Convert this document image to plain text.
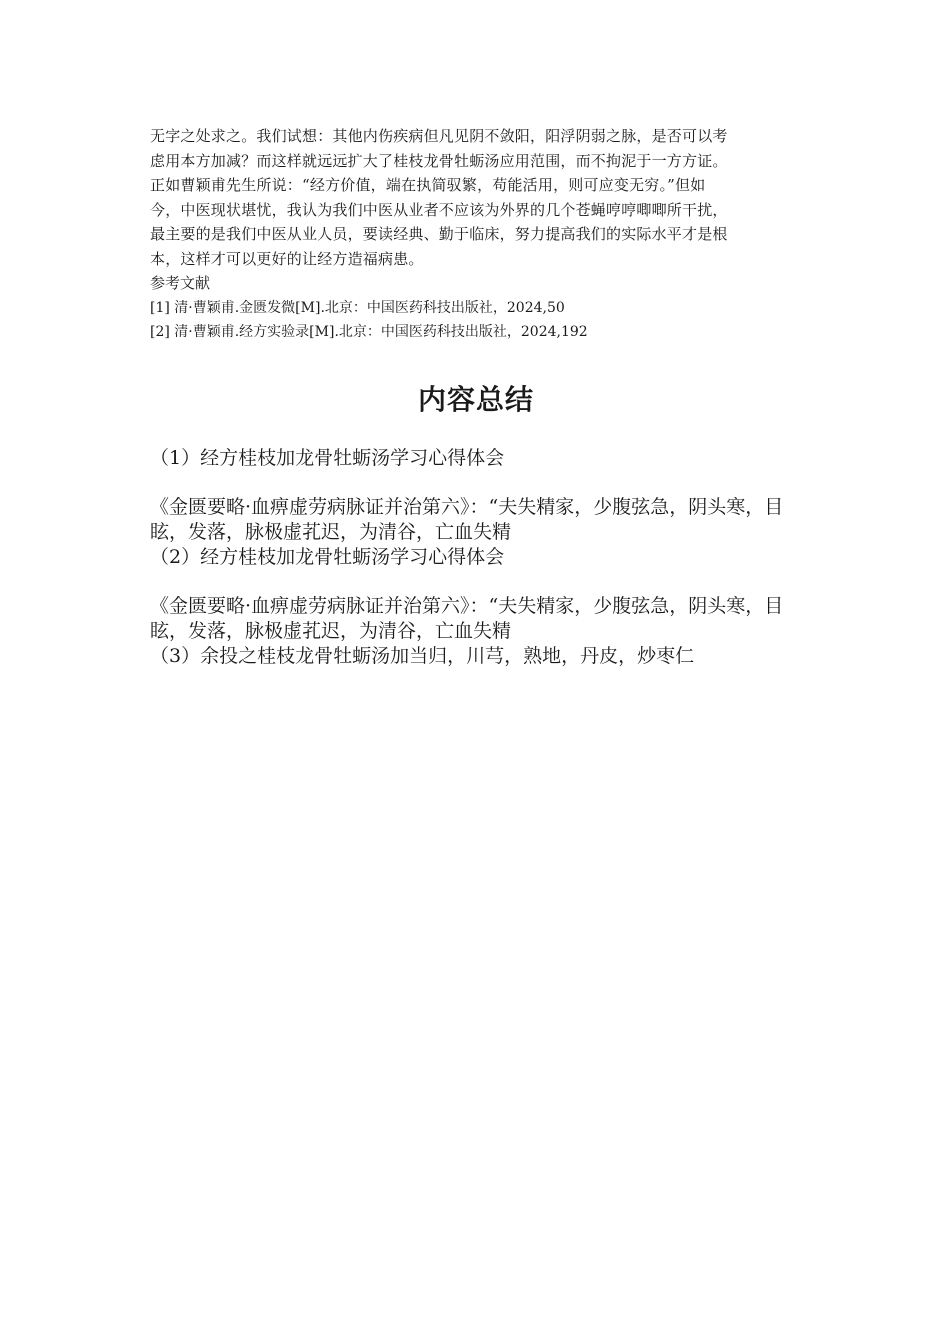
无字之处求之。我们试想：其他内伤疾病但凡见阴不敛阳，阳浮阴弱之脉，是否可以考

虑用本方加减？而这样就远远扩大了桂枝龙骨牡蛎汤应用范围，而不拘泥于一方方证。

正如曹颖甫先生所说：“经方价值，端在执简驭繁，苟能活用，则可应变无穷。”但如

今，中医现状堪忧，我认为我们中医从业者不应该为外界的几个苍蝇哼哼唧唧所干扰，

最主要的是我们中医从业人员，要读经典、勤于临床，努力提高我们的实际水平才是根

本，这样才可以更好的让经方造福病患。

参考文献

[1] 清·曹颖甫.金匮发微[M].北京：中国医药科技出版社，2024,50

[2] 清·曹颖甫.经方实验录[M].北京：中国医药科技出版社，2024,192

内容总结

（1）经方桂枝加龙骨牡蛎汤学习心得体会

《金匮要略·血痹虚劳病脉证并治第六》：“夫失精家，少腹弦急，阴头寒，目眩，发落，脉极虚芤迟，为清谷，亡血失精

（2）经方桂枝加龙骨牡蛎汤学习心得体会

《金匮要略·血痹虚劳病脉证并治第六》：“夫失精家，少腹弦急，阴头寒，目眩，发落，脉极虚芤迟，为清谷，亡血失精

（3）余投之桂枝龙骨牡蛎汤加当归，川芎，熟地，丹皮，炒枣仁
